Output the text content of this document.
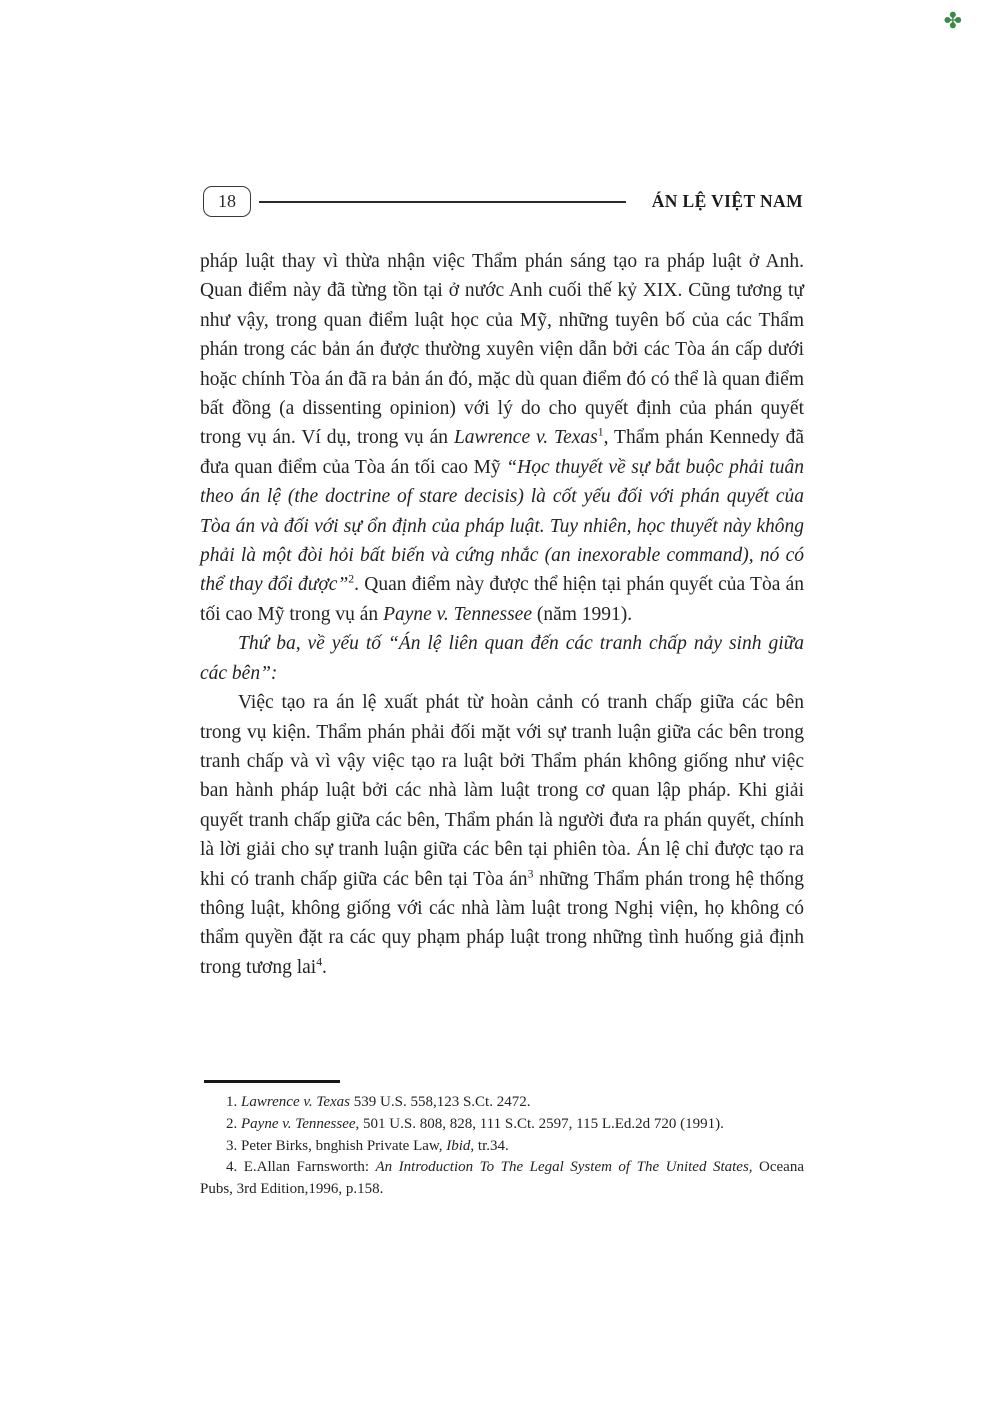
✤
18	ÁN LỆ VIỆT NAM

pháp luật thay vì thừa nhận việc Thẩm phán sáng tạo ra pháp luật ở Anh. Quan điểm này đã từng tồn tại ở nước Anh cuối thế kỷ XIX. Cũng tương tự như vậy, trong quan điểm luật học của Mỹ, những tuyên bố của các Thẩm phán trong các bản án được thường xuyên viện dẫn bởi các Tòa án cấp dưới hoặc chính Tòa án đã ra bản án đó, mặc dù quan điểm đó có thể là quan điểm bất đồng (a dissenting opinion) với lý do cho quyết định của phán quyết trong vụ án. Ví dụ, trong vụ án Lawrence v. Texas$^1$, Thẩm phán Kennedy đã đưa quan điểm của Tòa án tối cao Mỹ “Học thuyết về sự bắt buộc phải tuân theo án lệ (the doctrine of stare decisis) là cốt yếu đối với phán quyết của Tòa án và đối với sự ổn định của pháp luật. Tuy nhiên, học thuyết này không phải là một đòi hỏi bất biến và cứng nhắc (an inexorable command), nó có thể thay đổi được”$^2$. Quan điểm này được thể hiện tại phán quyết của Tòa án tối cao Mỹ trong vụ án Payne v. Tennessee (năm 1991).

Thứ ba, về yếu tố “Án lệ liên quan đến các tranh chấp nảy sinh giữa các bên”:

Việc tạo ra án lệ xuất phát từ hoàn cảnh có tranh chấp giữa các bên trong vụ kiện. Thẩm phán phải đối mặt với sự tranh luận giữa các bên trong tranh chấp và vì vậy việc tạo ra luật bởi Thẩm phán không giống như việc ban hành pháp luật bởi các nhà làm luật trong cơ quan lập pháp. Khi giải quyết tranh chấp giữa các bên, Thẩm phán là người đưa ra phán quyết, chính là lời giải cho sự tranh luận giữa các bên tại phiên tòa. Án lệ chỉ được tạo ra khi có tranh chấp giữa các bên tại Tòa $án^3$ những Thẩm phán trong hệ thống thông luật, không giống với các nhà làm luật trong Nghị viện, họ không có thẩm quyền đặt ra các quy phạm pháp luật trong những tình huống giả định trong tương lai$^4$.

1. Lawrence v. Texas 539 U.S. 558,123 S.Ct. 2472.

2. Payne v. Tennessee, 501 U.S. 808, 828, 111 S.Ct. 2597, 115 L.Ed.2d 720 (1991).

3. Peter Birks, bnghish Private Law, Ibid, tr.34.

4. E.Allan Farnsworth: An Introduction To The Legal System of The United States, Oceana Pubs, 3rd Edition,1996, p.158.
